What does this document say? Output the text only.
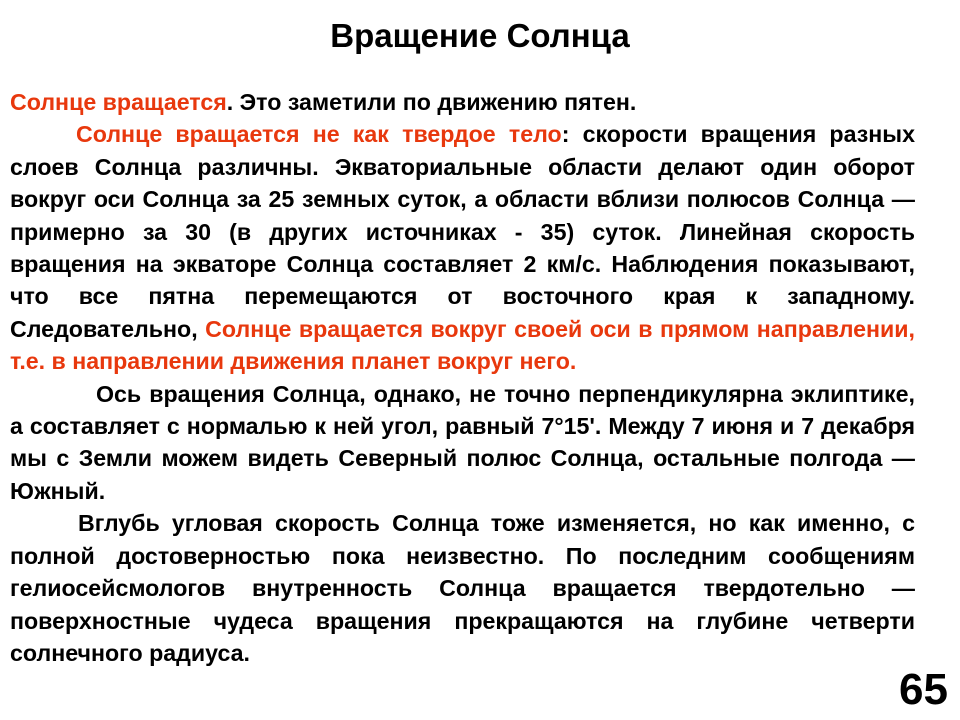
Вращение Солнца

Солнце вращается. Это заметили по движению пятен.

Солнце вращается не как твердое тело: скорости вращения разных слоев Солнца различны. Экваториальные области делают один оборот вокруг оси Солнца за 25 земных суток, а области вблизи полюсов Солнца — примерно за 30 (в других источниках - 35) суток. Линейная скорость вращения на экваторе Солнца составляет 2 км/с. Наблюдения показывают, что все пятна перемещаются от восточного края к западному. Следовательно, Солнце вращается вокруг своей оси в прямом направлении, т.е. в направлении движения планет вокруг него.

Ось вращения Солнца, однако, не точно перпендикулярна эклиптике, а составляет с нормалью к ней угол, равный 7°15'. Между 7 июня и 7 декабря мы с Земли можем видеть Северный полюс Солнца, остальные полгода — Южный.

Вглубь угловая скорость Солнца тоже изменяется, но как именно, с полной достоверностью пока неизвестно. По последним сообщениям гелиосейсмологов внутренность Солнца вращается твердотельно — поверхностные чудеса вращения прекращаются на глубине четверти солнечного радиуса.

65
